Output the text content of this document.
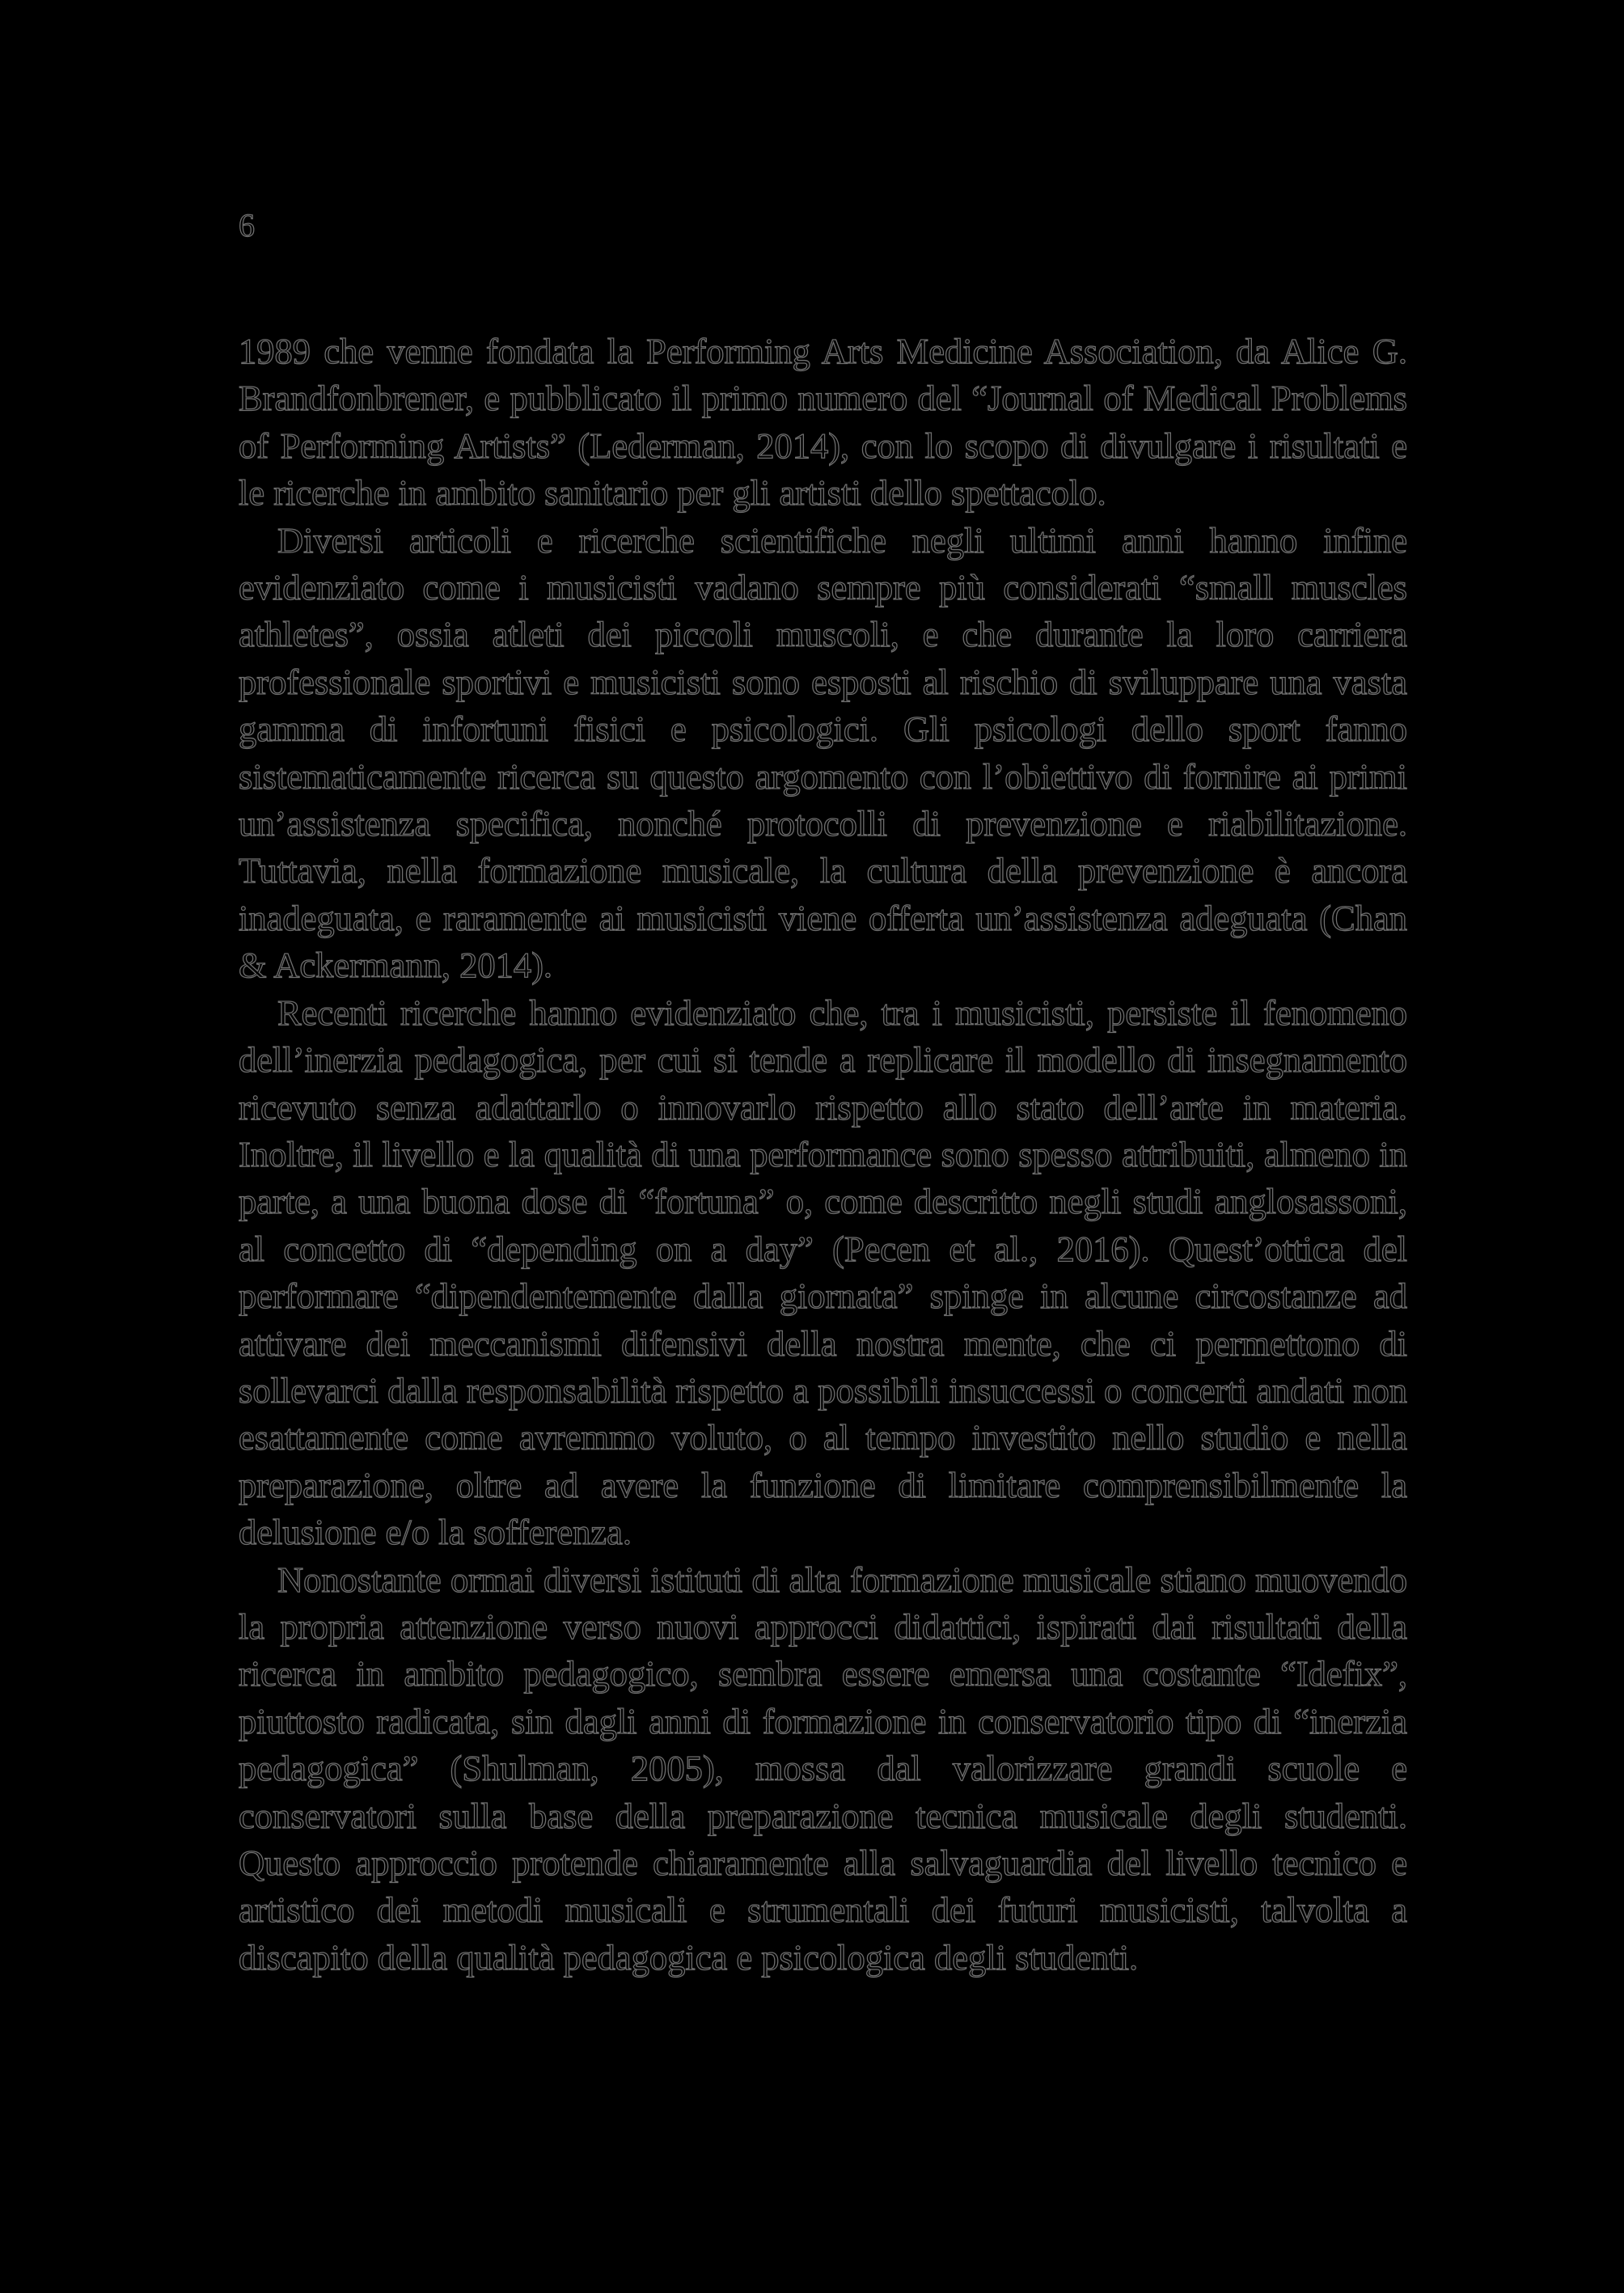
6

1989 che venne fondata la Performing Arts Medicine Association, da Alice G. Brandfonbrener, e pubblicato il primo numero del “Journal of Medical Problems of Performing Artists” (Lederman, 2014), con lo scopo di divulgare i risultati e le ricerche in ambito sanitario per gli artisti dello spettacolo.

Diversi articoli e ricerche scientifiche negli ultimi anni hanno infine evidenziato come i musicisti vadano sempre più considerati “small muscles athletes”, ossia atleti dei piccoli muscoli, e che durante la loro carriera professionale sportivi e musicisti sono esposti al rischio di sviluppare una vasta gamma di infortuni fisici e psicologici. Gli psicologi dello sport fanno sistematicamente ricerca su questo argomento con l’obiettivo di fornire ai primi un’assistenza specifica, nonché protocolli di prevenzione e riabilitazione. Tuttavia, nella formazione musicale, la cultura della prevenzione è ancora inadeguata, e raramente ai musicisti viene offerta un’assistenza adeguata (Chan & Ackermann, 2014).

Recenti ricerche hanno evidenziato che, tra i musicisti, persiste il fenomeno dell’inerzia pedagogica, per cui si tende a replicare il modello di insegnamento ricevuto senza adattarlo o innovarlo rispetto allo stato dell’arte in materia. Inoltre, il livello e la qualità di una performance sono spesso attribuiti, almeno in parte, a una buona dose di “fortuna” o, come descritto negli studi anglosassoni, al concetto di “depending on a day” (Pecen et al., 2016). Quest’ottica del performare “dipendentemente dalla giornata” spinge in alcune circostanze ad attivare dei meccanismi difensivi della nostra mente, che ci permettono di sollevarci dalla responsabilità rispetto a possibili insuccessi o concerti andati non esattamente come avremmo voluto, o al tempo investito nello studio e nella preparazione, oltre ad avere la funzione di limitare comprensibilmente la delusione e/o la sofferenza.

Nonostante ormai diversi istituti di alta formazione musicale stiano muovendo la propria attenzione verso nuovi approcci didattici, ispirati dai risultati della ricerca in ambito pedagogico, sembra essere emersa una costante “Idefix”, piuttosto radicata, sin dagli anni di formazione in conservatorio tipo di “inerzia pedagogica” (Shulman, 2005), mossa dal valorizzare grandi scuole e conservatori sulla base della preparazione tecnica musicale degli studenti. Questo approccio protende chiaramente alla salvaguardia del livello tecnico e artistico dei metodi musicali e strumentali dei futuri musicisti, talvolta a discapito della qualità pedagogica e psicologica degli studenti.
